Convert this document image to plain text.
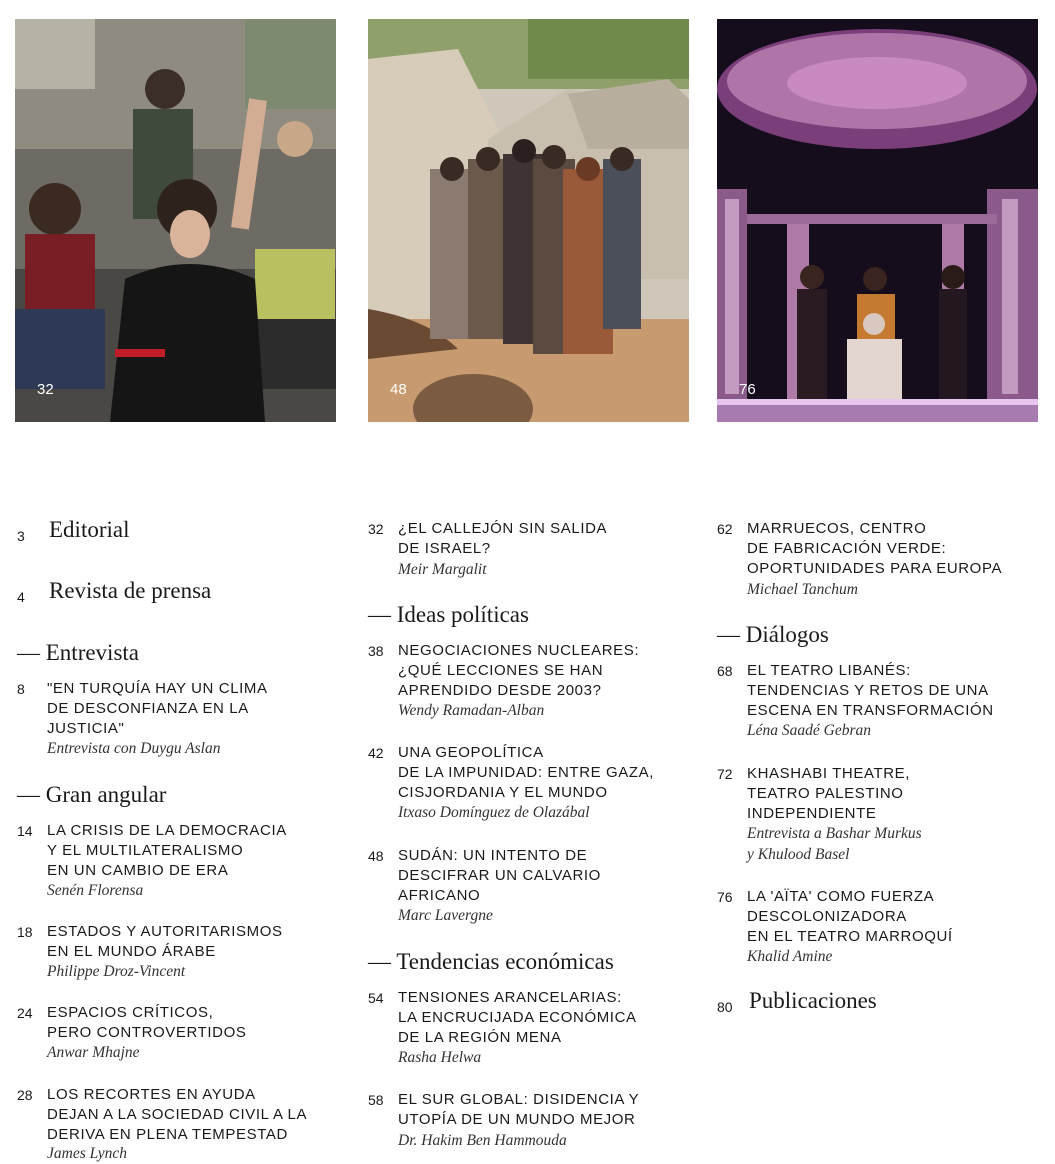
32	48	76
3 Editorial
4 Revista de prensa
— Entrevista
8 "EN TURQUÍA HAY UN CLIMA
DE DESCONFIANZA EN LA
JUSTICIA"
Entrevista con Duygu Aslan
— Gran angular
14 LA CRISIS DE LA DEMOCRACIA
Y EL MULTILATERALISMO
EN UN CAMBIO DE ERA
Senén Florensa
18 ESTADOS Y AUTORITARISMOS
EN EL MUNDO ÁRABE
Philippe Droz-Vincent
24 ESPACIOS CRÍTICOS,
PERO CONTROVERTIDOS
Anwar Mhajne
28 LOS RECORTES EN AYUDA
DEJAN A LA SOCIEDAD CIVIL A LA
DERIVA EN PLENA TEMPESTAD
James Lynch
32 ¿EL CALLEJÓN SIN SALIDA
DE ISRAEL?
Meir Margalit
— Ideas políticas
38 NEGOCIACIONES NUCLEARES:
¿QUÉ LECCIONES SE HAN
APRENDIDO DESDE 2003?
Wendy Ramadan-Alban
42 UNA GEOPOLÍTICA
DE LA IMPUNIDAD: ENTRE GAZA,
CISJORDANIA Y EL MUNDO
Itxaso Domínguez de Olazábal
48 SUDÁN: UN INTENTO DE
DESCIFRAR UN CALVARIO
AFRICANO
Marc Lavergne
— Tendencias económicas
54 TENSIONES ARANCELARIAS:
LA ENCRUCIJADA ECONÓMICA
DE LA REGIÓN MENA
Rasha Helwa
58 EL SUR GLOBAL: DISIDENCIA Y
UTOPÍA DE UN MUNDO MEJOR
Dr. Hakim Ben Hammouda
62 MARRUECOS, CENTRO
DE FABRICACIÓN VERDE:
OPORTUNIDADES PARA EUROPA
Michael Tanchum
— Diálogos
68 EL TEATRO LIBANÉS:
TENDENCIAS Y RETOS DE UNA
ESCENA EN TRANSFORMACIÓN
Léna Saadé Gebran
72 KHASHABI THEATRE,
TEATRO PALESTINO
INDEPENDIENTE
Entrevista a Bashar Murkus
y Khulood Basel
76 LA 'AÏTA' COMO FUERZA
DESCOLONIZADORA
EN EL TEATRO MARROQUÍ
Khalid Amine
80 Publicaciones
